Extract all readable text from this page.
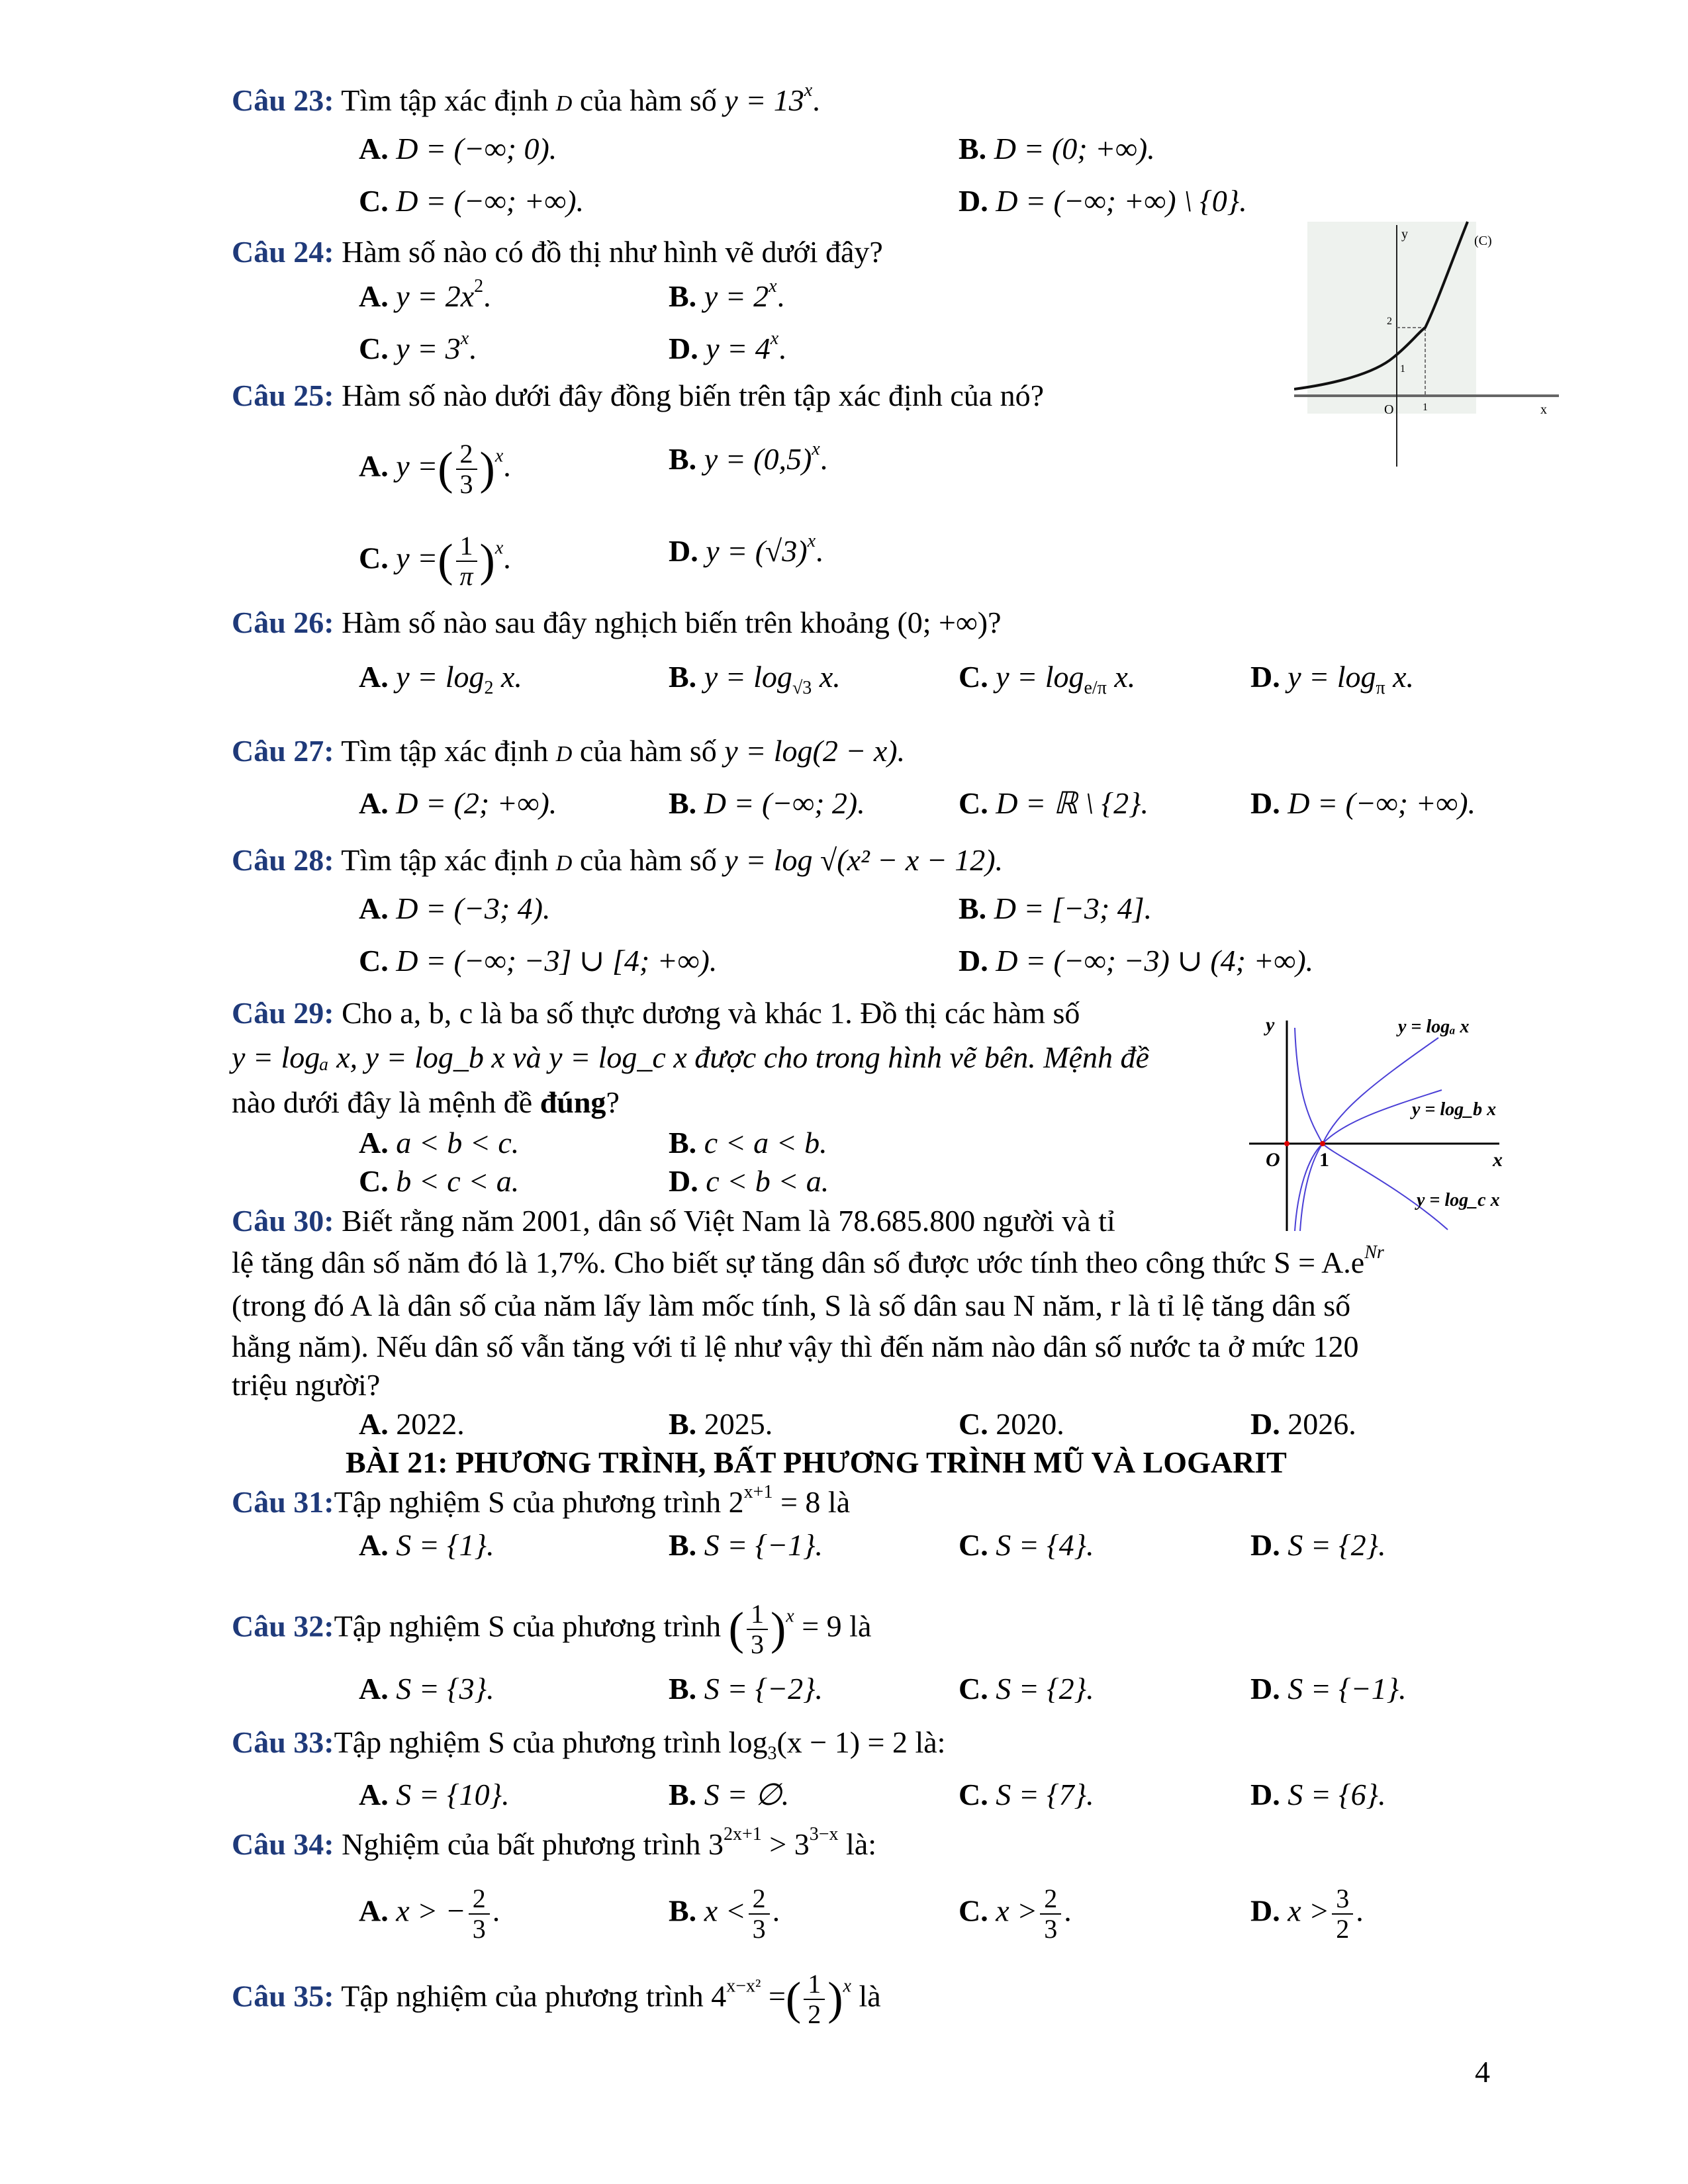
Câu 23: Tìm tập xác định D của hàm số $y = 13^x$.
A. D = (−∞; 0).	B. D = (0; +∞).
C. D = (−∞; +∞).	D. D = (−∞; +∞) \ {0}.
Câu 24: Hàm số nào có đồ thị như hình vẽ dưới đây?
A. $y = 2x^2$.	B. $y = 2^x$.
C. $y = 3^x$.	D. $y = 4^x$.
y	(C)
2
1
O	1	x
Câu 25: Hàm số nào dưới đây đồng biến trên tập xác định của nó?
A. y =( $\frac{2}{3} )^x$.	B. $y = (0,5)^x$.
C. y =( $\frac{1}{\pi} )^x$.	D. $y = (√3)^x$.
Câu 26: Hàm số nào sau đây nghịch biến trên khoảng (0; +∞)?
A. $y = \log_2 x$.	B. $y = \log_{√3} x$.	C. $y = \log_{e/\pi} x$.	D. $y = \log_\pi x$.
Câu 27: Tìm tập xác định D của hàm số y = log(2 − x).
A. D = (2; +∞).	B. D = (−∞; 2).	C. D = ℝ \ {2}.	D. D = (−∞; +∞).
Câu 28: Tìm tập xác định D của hàm số y = log √(x² − x − 12).
A. D = (−3; 4).	B. D = [−3; 4].
C. D = (−∞; −3] ∪ [4; +∞).	D. D = (−∞; −3) ∪ (4; +∞).
Câu 29: Cho a, b, c là ba số thực dương và khác 1. Đồ thị các hàm số
y = logₐ x, y = log_b x và y = log_c x được cho trong hình vẽ bên. Mệnh đề
nào dưới đây là mệnh đề đúng?
A. a < b < c.	B. c < a < b.
C. b < c < a.	D. c < b < a.
y
x
O 1
y = logₐ x
y = log_b x
y = log_c x
Câu 30: Biết rằng năm 2001, dân số Việt Nam là 78.685.800 người và tỉ
lệ tăng dân số năm đó là 1,7%. Cho biết sự tăng dân số được ước tính theo công thức $S = A.e^{Nr}$
(trong đó A là dân số của năm lấy làm mốc tính, S là số dân sau N năm, r là tỉ lệ tăng dân số
hằng năm). Nếu dân số vẫn tăng với tỉ lệ như vậy thì đến năm nào dân số nước ta ở mức 120
triệu người?
A. 2022.	B. 2025.	C. 2020.	D. 2026.
BÀI 21: PHƯƠNG TRÌNH, BẤT PHƯƠNG TRÌNH MŨ VÀ LOGARIT
Câu 31:Tập nghiệm S của phương trình $2^{x+1} = 8$ là
A. S = {1}.	B. S = {−1}.	C. S = {4}.	D. S = {2}.
Câu 32:Tập nghiệm S của phương trình ( $\frac{1}{3} )^x = 9$ là
A. S = {3}.	B. S = {−2}.	C. S = {2}.	D. S = {−1}.
Câu 33:Tập nghiệm S của phương trình $\log_3(x - 1) = 2$ là:
A. S = {10}.	B. S = ∅.	C. S = {7}.	D. S = {6}.
Câu 34: Nghiệm của bất phương trình $3^{2x+1} > 3^{3-x}$ là:
A. x > − $\frac{2}{3}$ .	B. $x < \frac{2}{3}$ .	C. $x > \frac{2}{3}$ .	D. $x > \frac{3}{2}$ .
Câu 35: Tập nghiệm của phương trình $4^{x-x^2}$ =( $\frac{1}{2} )^x$ là
4
